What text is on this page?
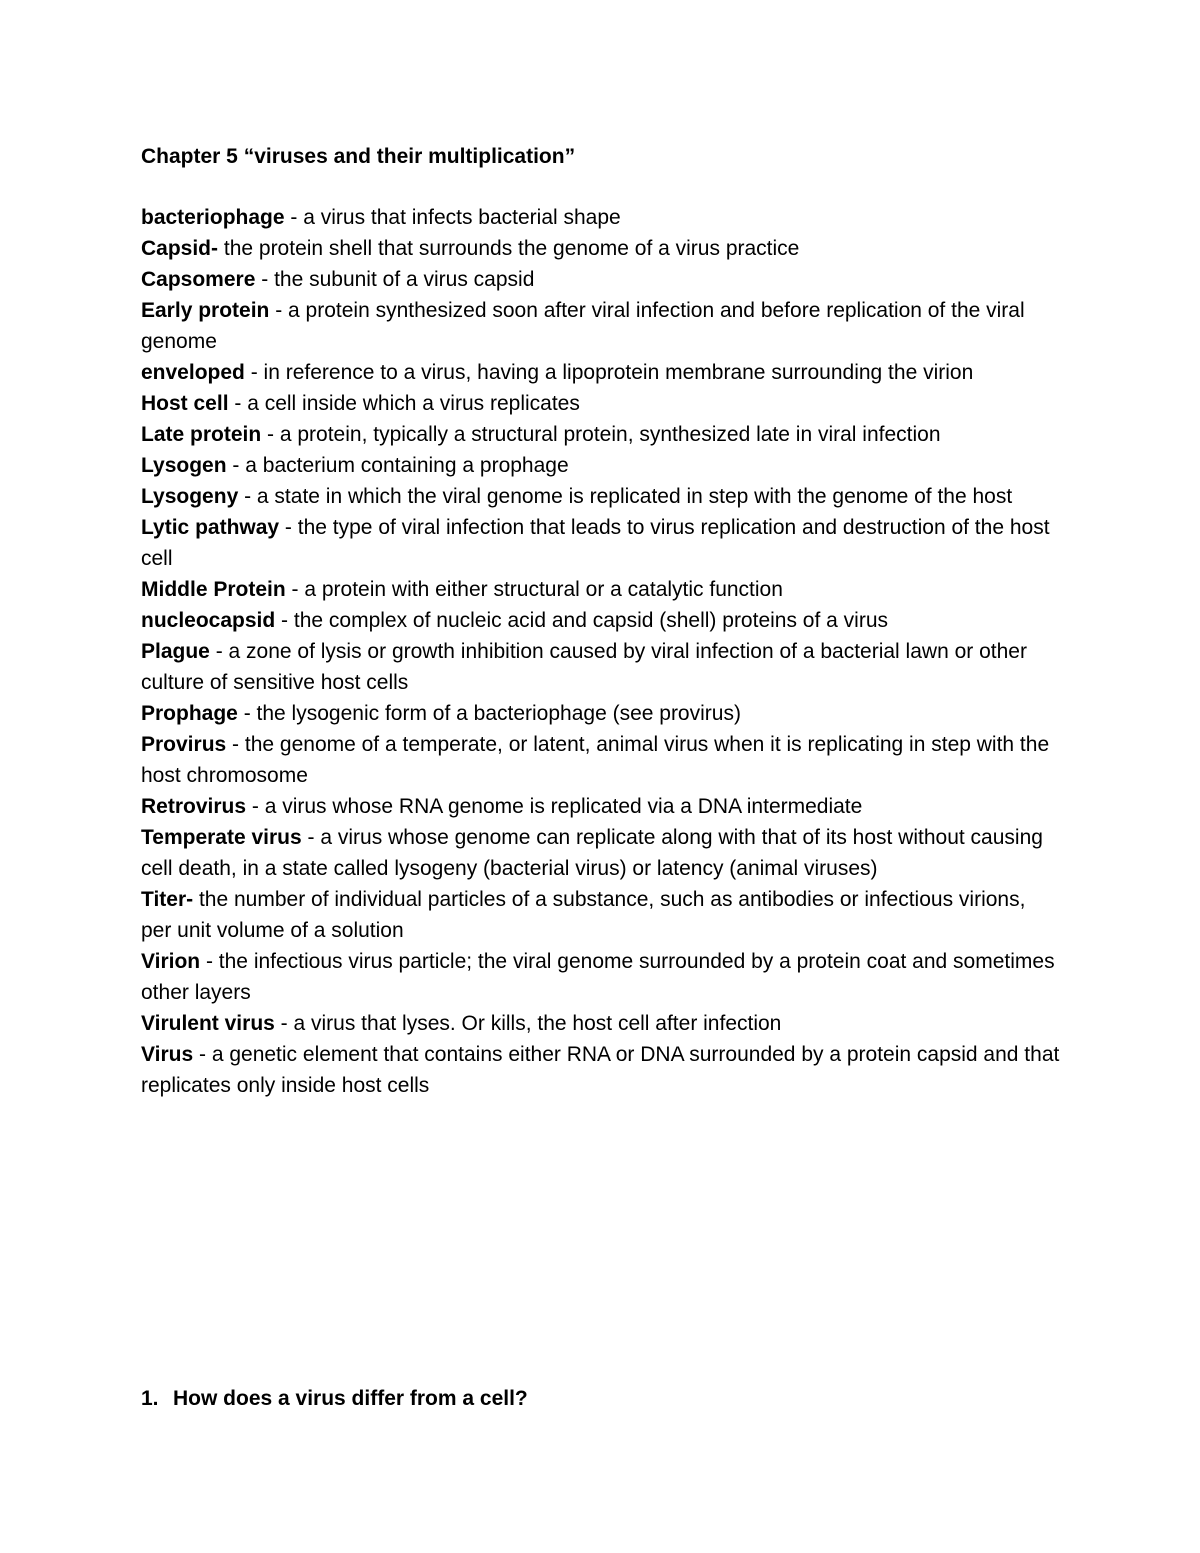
Chapter 5 “viruses and their multiplication”
bacteriophage - a virus that infects bacterial shape
Capsid- the protein shell that surrounds the genome of a virus practice
Capsomere - the subunit of a virus capsid
Early protein - a protein synthesized soon after viral infection and before replication of the viral genome
enveloped - in reference to a virus, having a lipoprotein membrane surrounding the virion
Host cell - a cell inside which a virus replicates
Late protein - a protein, typically a structural protein, synthesized late in viral infection
Lysogen - a bacterium containing a prophage
Lysogeny - a state in which the viral genome is replicated in step with the genome of the host
Lytic pathway - the type of viral infection that leads to virus replication and destruction of the host cell
Middle Protein - a protein with either structural or a catalytic function
nucleocapsid - the complex of nucleic acid and capsid (shell) proteins of a virus
Plague - a zone of lysis or growth inhibition caused by viral infection of a bacterial lawn or other culture of sensitive host cells
Prophage - the lysogenic form of a bacteriophage (see provirus)
Provirus - the genome of a temperate, or latent, animal virus when it is replicating in step with the host chromosome
Retrovirus - a virus whose RNA genome is replicated via a DNA intermediate
Temperate virus - a virus whose genome can replicate along with that of its host without causing cell death, in a state called lysogeny (bacterial virus) or latency (animal viruses)
Titer- the number of individual particles of a substance, such as antibodies or infectious virions, per unit volume of a solution
Virion - the infectious virus particle; the viral genome surrounded by a protein coat and sometimes other layers
Virulent virus - a virus that lyses. Or kills, the host cell after infection
Virus - a genetic element that contains either RNA or DNA surrounded by a protein capsid and that replicates only inside host cells

1. How does a virus differ from a cell?
